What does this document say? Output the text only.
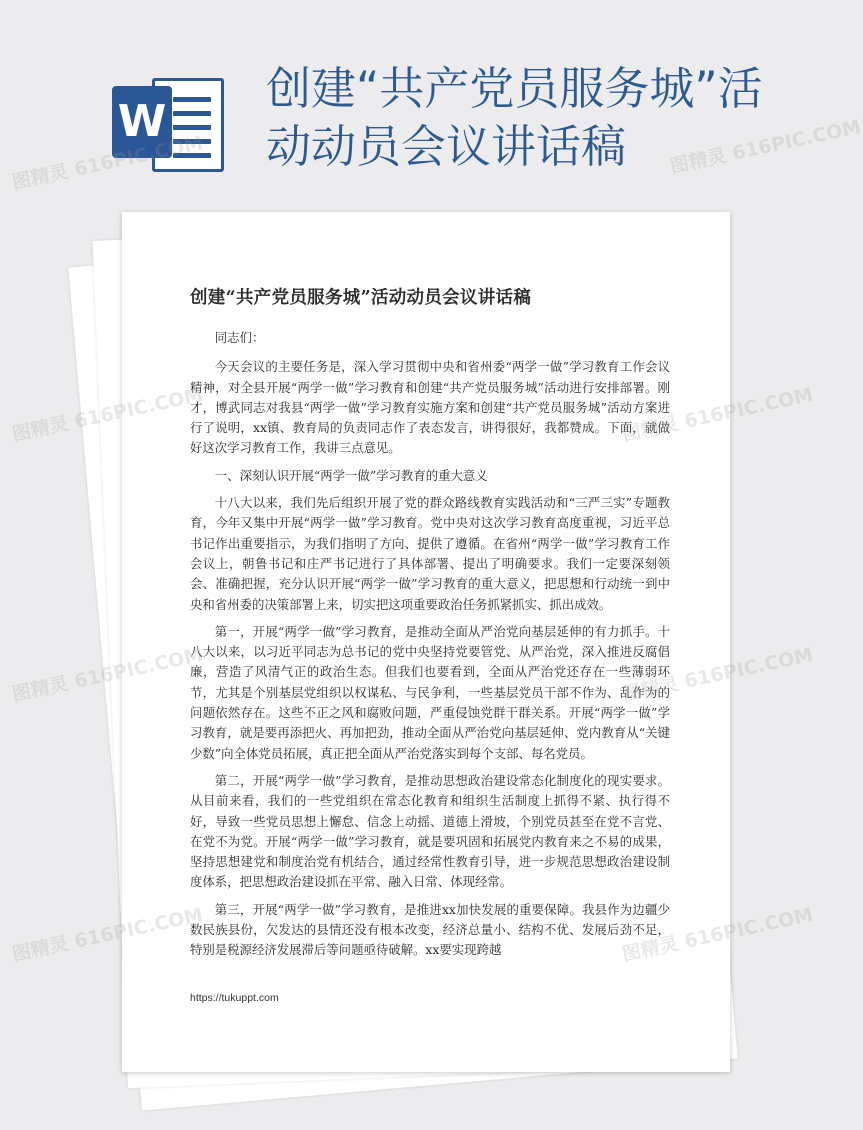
W
创建“共产党员服务城”活动动员会议讲话稿
创建“共产党员服务城”活动动员会议讲话稿

同志们：

今天会议的主要任务是，深入学习贯彻中央和省州委“两学一做”学习教育工作会议精神，对全县开展“两学一做”学习教育和创建“共产党员服务城”活动进行安排部署。刚才，博武同志对我县“两学一做”学习教育实施方案和创建“共产党员服务城”活动方案进行了说明，xx镇、教育局的负责同志作了表态发言，讲得很好，我都赞成。下面，就做好这次学习教育工作，我讲三点意见。

一、深刻认识开展“两学一做”学习教育的重大意义

十八大以来，我们先后组织开展了党的群众路线教育实践活动和“三严三实”专题教育，今年又集中开展“两学一做”学习教育。党中央对这次学习教育高度重视，习近平总书记作出重要指示，为我们指明了方向、提供了遵循。在省州“两学一做”学习教育工作会议上，朝鲁书记和庄严书记进行了具体部署、提出了明确要求。我们一定要深刻领会、准确把握，充分认识开展“两学一做”学习教育的重大意义，把思想和行动统一到中央和省州委的决策部署上来，切实把这项重要政治任务抓紧抓实、抓出成效。

第一，开展“两学一做”学习教育，是推动全面从严治党向基层延伸的有力抓手。十八大以来，以习近平同志为总书记的党中央坚持党要管党、从严治党，深入推进反腐倡廉，营造了风清气正的政治生态。但我们也要看到，全面从严治党还存在一些薄弱环节，尤其是个别基层党组织以权谋私、与民争利，一些基层党员干部不作为、乱作为的问题依然存在。这些不正之风和腐败问题，严重侵蚀党群干群关系。开展“两学一做”学习教育，就是要再添把火、再加把劲，推动全面从严治党向基层延伸、党内教育从“关键少数”向全体党员拓展，真正把全面从严治党落实到每个支部、每名党员。

第二，开展“两学一做”学习教育，是推动思想政治建设常态化制度化的现实要求。从目前来看，我们的一些党组织在常态化教育和组织生活制度上抓得不紧、执行得不好，导致一些党员思想上懈怠、信念上动摇、道德上滑坡，个别党员甚至在党不言党、在党不为党。开展“两学一做”学习教育，就是要巩固和拓展党内教育来之不易的成果，坚持思想建党和制度治党有机结合，通过经常性教育引导，进一步规范思想政治建设制度体系，把思想政治建设抓在平常、融入日常、体现经常。

第三，开展“两学一做”学习教育，是推进xx加快发展的重要保障。我县作为边疆少数民族县份，欠发达的县情还没有根本改变，经济总量小、结构不优、发展后劲不足，特别是税源经济发展滞后等问题亟待破解。xx要实现跨越

https://tukuppt.com
图精灵 616PIC.COM	图精灵 616PIC.COM
图精灵 616PIC.COM	图精灵 616PIC.COM
图精灵 616PIC.COM	图精灵 616PIC.COM
图精灵 616PIC.COM	图精灵 616PIC.COM
